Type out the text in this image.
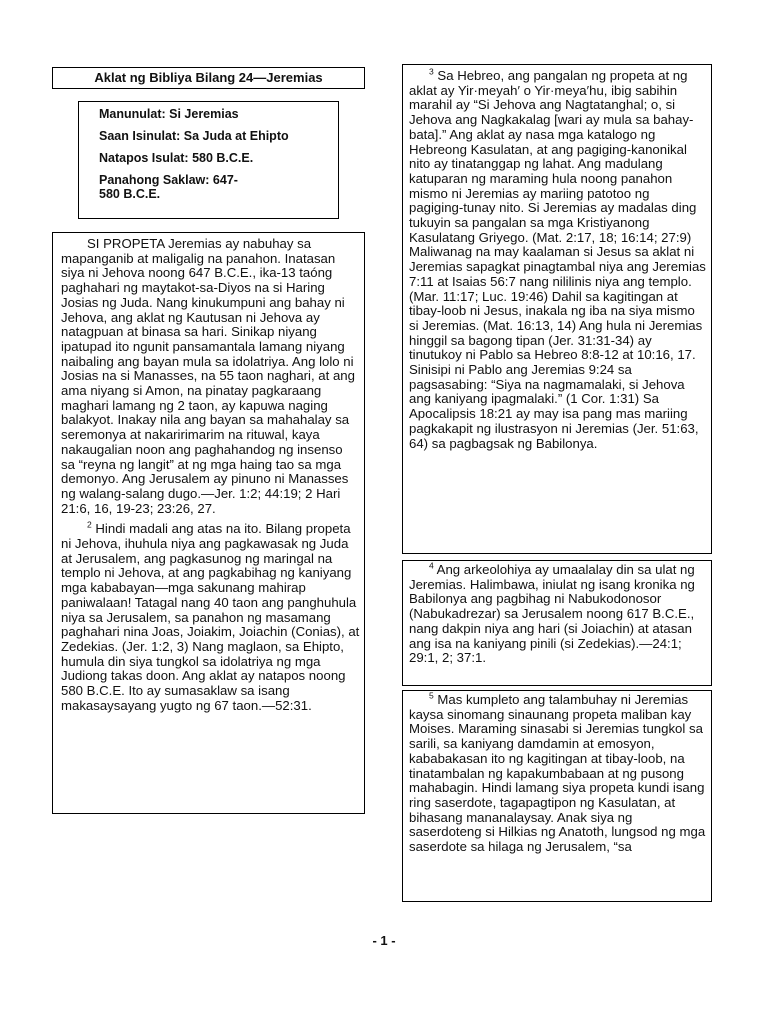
Aklat ng Bibliya Bilang 24—Jeremias

Manunulat: Si Jeremias

Saan Isinulat: Sa Juda at Ehipto

Natapos Isulat: 580 B.C.E.

Panahong Saklaw: 647-
580 B.C.E.

SI PROPETA Jeremias ay nabuhay sa mapanganib at maligalig na panahon. Inatasan siya ni Jehova noong 647 B.C.E., ika-13 taóng paghahari ng maytakot-sa-Diyos na si Haring Josias ng Juda. Nang kinukumpuni ang bahay ni Jehova, ang aklat ng Kautusan ni Jehova ay natagpuan at binasa sa hari. Sinikap niyang ipatupad ito ngunit pansamantala lamang niyang naibaling ang bayan mula sa idolatriya. Ang lolo ni Josias na si Manasses, na 55 taon naghari, at ang ama niyang si Amon, na pinatay pagkaraang maghari lamang ng 2 taon, ay kapuwa naging balakyot. Inakay nila ang bayan sa mahahalay sa seremonya at nakaririmarim na rituwal, kaya nakaugalian noon ang paghahandog ng insenso sa “reyna ng langit” at ng mga haing tao sa mga demonyo. Ang Jerusalem ay pinuno ni Manasses ng walang-salang dugo.—Jer. 1:2; 44:19; 2 Hari 21:6, 16, 19-23; 23:26, 27.

$^2$ Hindi madali ang atas na ito. Bilang propeta ni Jehova, ihuhula niya ang pagkawasak ng Juda at Jerusalem, ang pagkasunog ng maringal na templo ni Jehova, at ang pagkabihag ng kaniyang mga kababayan—mga sakunang mahirap paniwalaan! Tatagal nang 40 taon ang panghuhula niya sa Jerusalem, sa panahon ng masamang paghahari nina Joas, Joiakim, Joiachin (Conias), at Zedekias. (Jer. 1:2, 3) Nang maglaon, sa Ehipto, humula din siya tungkol sa idolatriya ng mga Judiong takas doon. Ang aklat ay natapos noong 580 B.C.E. Ito ay sumasaklaw sa isang makasaysayang yugto ng 67 taon.—52:31.

$^3$ Sa Hebreo, ang pangalan ng propeta at ng aklat ay Yir·meyah′ o Yir·meya′hu, ibig sabihin marahil ay “Si Jehova ang Nagtatanghal; o, si Jehova ang Nagkakalag [wari ay mula sa bahay-bata].” Ang aklat ay nasa mga katalogo ng Hebreong Kasulatan, at ang pagiging-kanonikal nito ay tinatanggap ng lahat. Ang madulang katuparan ng maraming hula noong panahon mismo ni Jeremias ay mariing patotoo ng pagiging-tunay nito. Si Jeremias ay madalas ding tukuyin sa pangalan sa mga Kristiyanong Kasulatang Griyego. (Mat. 2:17, 18; 16:14; 27:9) Maliwanag na may kaalaman si Jesus sa aklat ni Jeremias sapagkat pinagtambal niya ang Jeremias 7:11 at Isaias 56:7 nang nililinis niya ang templo. (Mar. 11:17; Luc. 19:46) Dahil sa kagitingan at tibay-loob ni Jesus, inakala ng iba na siya mismo si Jeremias. (Mat. 16:13, 14) Ang hula ni Jeremias hinggil sa bagong tipan (Jer. 31:31-34) ay tinutukoy ni Pablo sa Hebreo 8:8-12 at 10:16, 17. Sinisipi ni Pablo ang Jeremias 9:24 sa pagsasabing: “Siya na nagmamalaki, si Jehova ang kaniyang ipagmalaki.” (1 Cor. 1:31) Sa Apocalipsis 18:21 ay may isa pang mas mariing pagkakapit ng ilustrasyon ni Jeremias (Jer. 51:63, 64) sa pagbagsak ng Babilonya.

$^4$ Ang arkeolohiya ay umaalalay din sa ulat ng Jeremias. Halimbawa, iniulat ng isang kronika ng Babilonya ang pagbihag ni Nabukodonosor (Nabukadrezar) sa Jerusalem noong 617 B.C.E., nang dakpin niya ang hari (si Joiachin) at atasan ang isa na kaniyang pinili (si Zedekias).—24:1; 29:1, 2; 37:1.

$^5$ Mas kumpleto ang talambuhay ni Jeremias kaysa sinomang sinaunang propeta maliban kay Moises. Maraming sinasabi si Jeremias tungkol sa sarili, sa kaniyang damdamin at emosyon, kababakasan ito ng kagitingan at tibay-loob, na tinatambalan ng kapakumbabaan at ng pusong mahabagin. Hindi lamang siya propeta kundi isang ring saserdote, tagapagtipon ng Kasulatan, at bihasang mananalaysay. Anak siya ng saserdoteng si Hilkias ng Anatoth, lungsod ng mga saserdote sa hilaga ng Jerusalem, “sa

- 1 -
